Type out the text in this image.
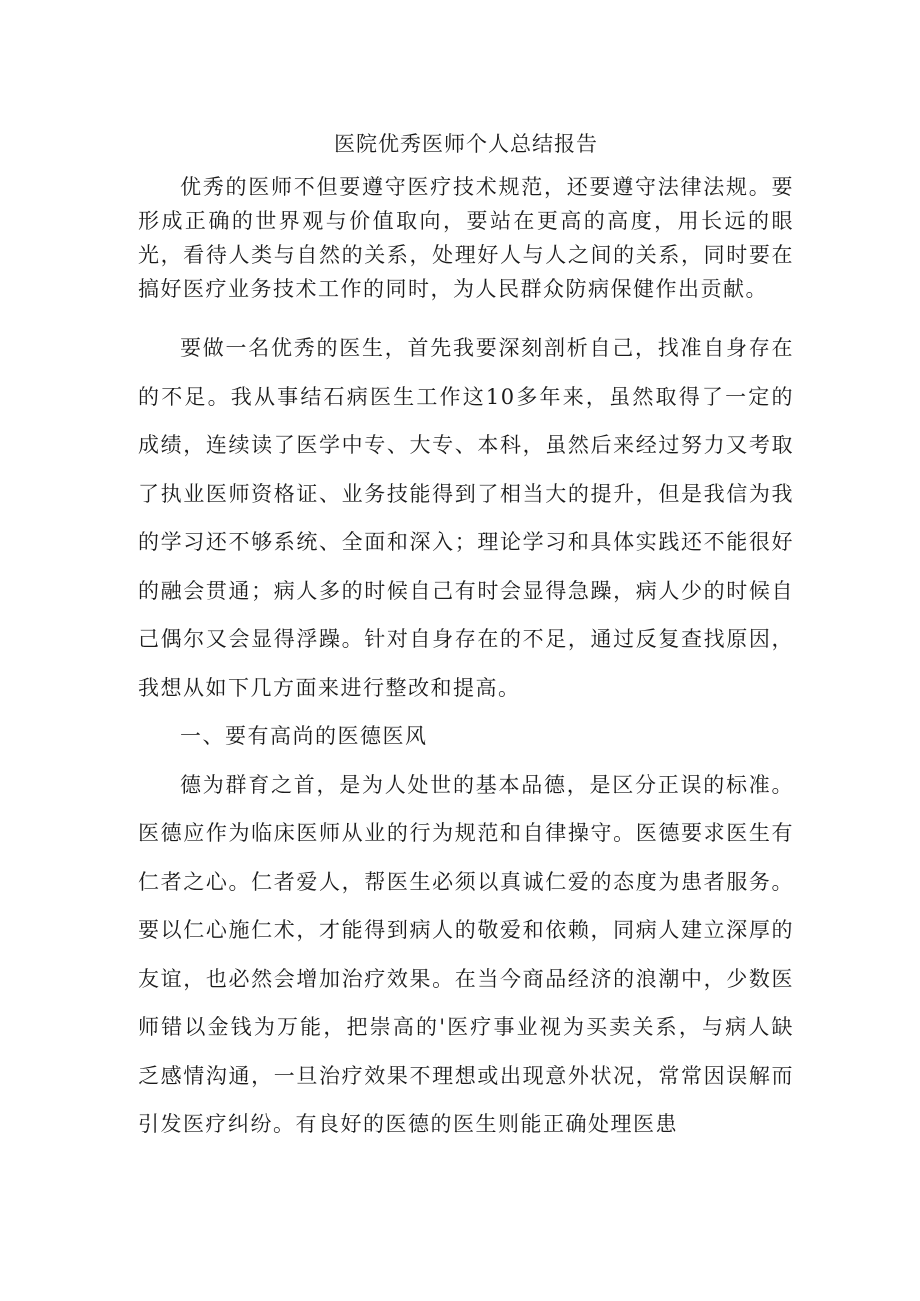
医院优秀医师个人总结报告

优秀的医师不但要遵守医疗技术规范，还要遵守法律法规。要形成正确的世界观与价值取向，要站在更高的高度，用长远的眼光，看待人类与自然的关系，处理好人与人之间的关系，同时要在搞好医疗业务技术工作的同时，为人民群众防病保健作出贡献。

要做一名优秀的医生，首先我要深刻剖析自己，找准自身存在的不足。我从事结石病医生工作这10多年来，虽然取得了一定的成绩，连续读了医学中专、大专、本科，虽然后来经过努力又考取了执业医师资格证、业务技能得到了相当大的提升，但是我信为我的学习还不够系统、全面和深入；理论学习和具体实践还不能很好的融会贯通；病人多的时候自己有时会显得急躁，病人少的时候自己偶尔又会显得浮躁。针对自身存在的不足，通过反复查找原因，我想从如下几方面来进行整改和提高。

一、要有高尚的医德医风

德为群育之首，是为人处世的基本品德，是区分正误的标准。医德应作为临床医师从业的行为规范和自律操守。医德要求医生有仁者之心。仁者爱人，帮医生必须以真诚仁爱的态度为患者服务。要以仁心施仁术，才能得到病人的敬爱和依赖，同病人建立深厚的友谊，也必然会增加治疗效果。在当今商品经济的浪潮中，少数医师错以金钱为万能，把崇高的'医疗事业视为买卖关系，与病人缺乏感情沟通，一旦治疗效果不理想或出现意外状况，常常因误解而引发医疗纠纷。有良好的医德的医生则能正确处理医患
